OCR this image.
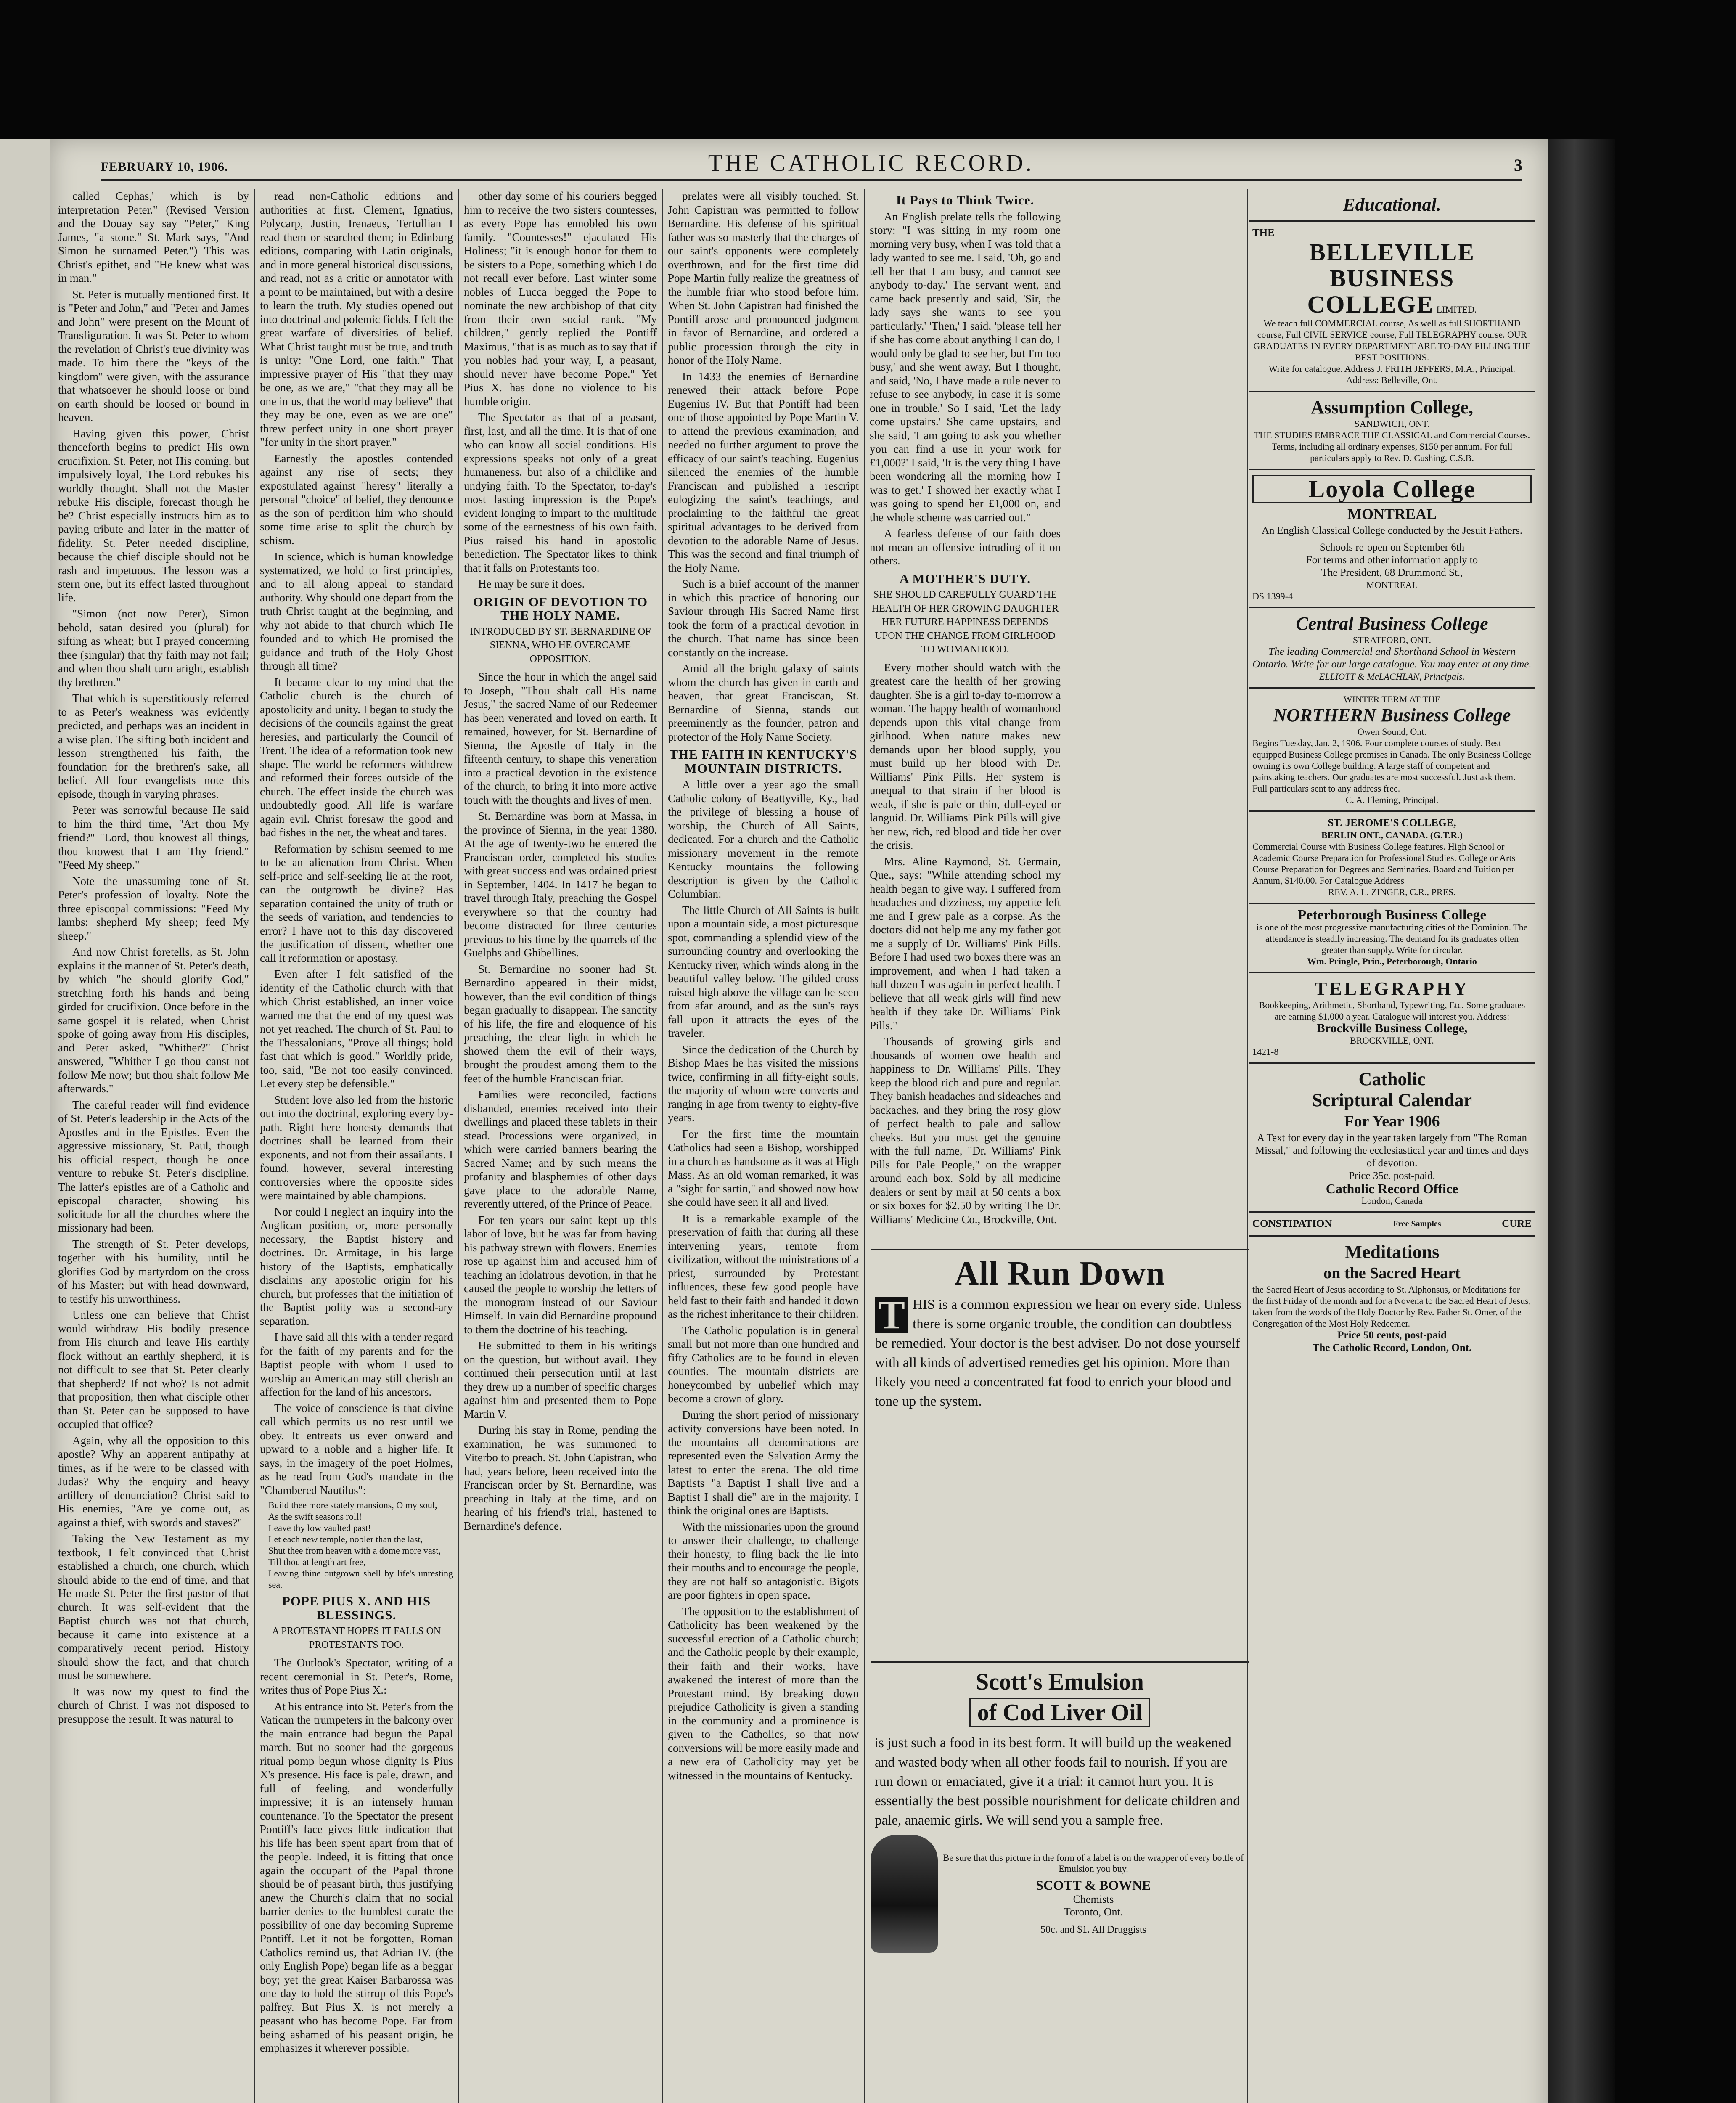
FEBRUARY 10, 1906.	THE CATHOLIC RECORD.	3

called Cephas,' which is by interpretation Peter." (Revised Version and the Douay say say "Peter," King James, "a stone." St. Mark says, "And Simon he surnamed Peter.") This was Christ's epithet, and "He knew what was in man."

St. Peter is mutually mentioned first. It is "Peter and John," and "Peter and James and John" were present on the Mount of Transfiguration. It was St. Peter to whom the revelation of Christ's true divinity was made. To him there the "keys of the kingdom" were given, with the assurance that whatsoever he should loose or bind on earth should be loosed or bound in heaven.

Having given this power, Christ thenceforth begins to predict His own crucifixion. St. Peter, not His coming, but impulsively loyal, The Lord rebukes his worldly thought. Shall not the Master rebuke His disciple, forecast though he be? Christ especially instructs him as to paying tribute and later in the matter of fidelity. St. Peter needed discipline, because the chief disciple should not be rash and impetuous. The lesson was a stern one, but its effect lasted throughout life.

"Simon (not now Peter), Simon behold, satan desired you (plural) for sifting as wheat; but I prayed concerning thee (singular) that thy faith may not fail; and when thou shalt turn aright, establish thy brethren."

That which is superstitiously referred to as Peter's weakness was evidently predicted, and perhaps was an incident in a wise plan. The sifting both incident and lesson strengthened his faith, the foundation for the brethren's sake, all belief. All four evangelists note this episode, though in varying phrases.

Peter was sorrowful because He said to him the third time, "Art thou My friend?" "Lord, thou knowest all things, thou knowest that I am Thy friend." "Feed My sheep."

Note the unassuming tone of St. Peter's profession of loyalty. Note the three episcopal commissions: "Feed My lambs; shepherd My sheep; feed My sheep."

And now Christ foretells, as St. John explains it the manner of St. Peter's death, by which "he should glorify God," stretching forth his hands and being girded for crucifixion. Once before in the same gospel it is related, when Christ spoke of going away from His disciples, and Peter asked, "Whither?" Christ answered, "Whither I go thou canst not follow Me now; but thou shalt follow Me afterwards."

The careful reader will find evidence of St. Peter's leadership in the Acts of the Apostles and in the Epistles. Even the aggressive missionary, St. Paul, though his official respect, though he once venture to rebuke St. Peter's discipline. The latter's epistles are of a Catholic and episcopal character, showing his solicitude for all the churches where the missionary had been.

The strength of St. Peter develops, together with his humility, until he glorifies God by martyrdom on the cross of his Master; but with head downward, to testify his unworthiness.

Unless one can believe that Christ would withdraw His bodily presence from His church and leave His earthly flock without an earthly shepherd, it is not difficult to see that St. Peter clearly that shepherd? If not who? Is not admit that proposition, then what disciple other than St. Peter can be supposed to have occupied that office?

Again, why all the opposition to this apostle? Why an apparent antipathy at times, as if he were to be classed with Judas? Why the enquiry and heavy artillery of denunciation? Christ said to His enemies, "Are ye come out, as against a thief, with swords and staves?"

Taking the New Testament as my textbook, I felt convinced that Christ established a church, one church, which should abide to the end of time, and that He made St. Peter the first pastor of that church. It was self-evident that the Baptist church was not that church, because it came into existence at a comparatively recent period. History should show the fact, and that church must be somewhere.

It was now my quest to find the church of Christ. I was not disposed to presuppose the result. It was natural to

read non-Catholic editions and authorities at first. Clement, Ignatius, Polycarp, Justin, Irenaeus, Tertullian I read them or searched them; in Edinburg editions, comparing with Latin originals, and in more general historical discussions, and read, not as a critic or annotator with a point to be maintained, but with a desire to learn the truth. My studies opened out into doctrinal and polemic fields. I felt the great warfare of diversities of belief. What Christ taught must be true, and truth is unity: "One Lord, one faith." That impressive prayer of His "that they may be one, as we are," "that they may all be one in us, that the world may believe" that they may be one, even as we are one" threw perfect unity in one short prayer "for unity in the short prayer."

Earnestly the apostles contended against any rise of sects; they expostulated against "heresy" literally a personal "choice" of belief, they denounce as the son of perdition him who should some time arise to split the church by schism.

In science, which is human knowledge systematized, we hold to first principles, and to all along appeal to standard authority. Why should one depart from the truth Christ taught at the beginning, and why not abide to that church which He founded and to which He promised the guidance and truth of the Holy Ghost through all time?

It became clear to my mind that the Catholic church is the church of apostolicity and unity. I began to study the decisions of the councils against the great heresies, and particularly the Council of Trent. The idea of a reformation took new shape. The world be reformers withdrew and reformed their forces outside of the church. The effect inside the church was undoubtedly good. All life is warfare again evil. Christ foresaw the good and bad fishes in the net, the wheat and tares.

Reformation by schism seemed to me to be an alienation from Christ. When self-price and self-seeking lie at the root, can the outgrowth be divine? Has separation contained the unity of truth or the seeds of variation, and tendencies to error? I have not to this day discovered the justification of dissent, whether one call it reformation or apostasy.

Even after I felt satisfied of the identity of the Catholic church with that which Christ established, an inner voice warned me that the end of my quest was not yet reached. The church of St. Paul to the Thessalonians, "Prove all things; hold fast that which is good." Worldly pride, too, said, "Be not too easily convinced. Let every step be defensible."

Student love also led from the historic out into the doctrinal, exploring every by-path. Right here honesty demands that doctrines shall be learned from their exponents, and not from their assailants. I found, however, several interesting controversies where the opposite sides were maintained by able champions.

Nor could I neglect an inquiry into the Anglican position, or, more personally necessary, the Baptist history and doctrines. Dr. Armitage, in his large history of the Baptists, emphatically disclaims any apostolic origin for his church, but professes that the initiation of the Baptist polity was a second-ary separation.

I have said all this with a tender regard for the faith of my parents and for the Baptist people with whom I used to worship an American may still cherish an affection for the land of his ancestors.

The voice of conscience is that divine call which permits us no rest until we obey. It entreats us ever onward and upward to a noble and a higher life. It says, in the imagery of the poet Holmes, as he read from God's mandate in the "Chambered Nautilus":

Build thee more stately mansions, O my soul,
As the swift seasons roll!
Leave thy low vaulted past!
Let each new temple, nobler than the last,
Shut thee from heaven with a dome more vast,
Till thou at length art free,
Leaving thine outgrown shell by life's unresting sea.

POPE PIUS X. AND HIS BLESSINGS.
A PROTESTANT HOPES IT FALLS ON PROTESTANTS TOO.

The Outlook's Spectator, writing of a recent ceremonial in St. Peter's, Rome, writes thus of Pope Pius X.:

At his entrance into St. Peter's from the Vatican the trumpeters in the balcony over the main entrance had begun the Papal march. But no sooner had the gorgeous ritual pomp begun whose dignity is Pius X's presence. His face is pale, drawn, and full of feeling, and wonderfully impressive; it is an intensely human countenance. To the Spectator the present Pontiff's face gives little indication that his life has been spent apart from that of the people. Indeed, it is fitting that once again the occupant of the Papal throne should be of peasant birth, thus justifying anew the Church's claim that no social barrier denies to the humblest curate the possibility of one day becoming Supreme Pontiff. Let it not be forgotten, Roman Catholics remind us, that Adrian IV. (the only English Pope) began life as a beggar boy; yet the great Kaiser Barbarossa was one day to hold the stirrup of this Pope's palfrey. But Pius X. is not merely a peasant who has become Pope. Far from being ashamed of his peasant origin, he emphasizes it wherever possible.

other day some of his couriers begged him to receive the two sisters countesses, as every Pope has ennobled his own family. "Countesses!" ejaculated His Holiness; "it is enough honor for them to be sisters to a Pope, something which I do not recall ever before. Last winter some nobles of Lucca begged the Pope to nominate the new archbishop of that city from their own social rank. "My children," gently replied the Pontiff Maximus, "that is as much as to say that if you nobles had your way, I, a peasant, should never have become Pope." Yet Pius X. has done no violence to his humble origin.

The Spectator as that of a peasant, first, last, and all the time. It is that of one who can know all social conditions. His expressions speaks not only of a great humaneness, but also of a childlike and undying faith. To the Spectator, to-day's most lasting impression is the Pope's evident longing to impart to the multitude some of the earnestness of his own faith. Pius raised his hand in apostolic benediction. The Spectator likes to think that it falls on Protestants too.

He may be sure it does.

ORIGIN OF DEVOTION TO THE HOLY NAME.
INTRODUCED BY ST. BERNARDINE OF SIENNA, WHO HE OVERCAME OPPOSITION.

Since the hour in which the angel said to Joseph, "Thou shalt call His name Jesus," the sacred Name of our Redeemer has been venerated and loved on earth. It remained, however, for St. Bernardine of Sienna, the Apostle of Italy in the fifteenth century, to shape this veneration into a practical devotion in the existence of the church, to bring it into more active touch with the thoughts and lives of men.

St. Bernardine was born at Massa, in the province of Sienna, in the year 1380. At the age of twenty-two he entered the Franciscan order, completed his studies with great success and was ordained priest in September, 1404. In 1417 he began to travel through Italy, preaching the Gospel everywhere so that the country had become distracted for three centuries previous to his time by the quarrels of the Guelphs and Ghibellines.

St. Bernardine no sooner had St. Bernardino appeared in their midst, however, than the evil condition of things began gradually to disappear. The sanctity of his life, the fire and eloquence of his preaching, the clear light in which he showed them the evil of their ways, brought the proudest among them to the feet of the humble Franciscan friar.

Families were reconciled, factions disbanded, enemies received into their dwellings and placed these tablets in their stead. Processions were organized, in which were carried banners bearing the Sacred Name; and by such means the profanity and blasphemies of other days gave place to the adorable Name, reverently uttered, of the Prince of Peace.

For ten years our saint kept up this labor of love, but he was far from having his pathway strewn with flowers. Enemies rose up against him and accused him of teaching an idolatrous devotion, in that he caused the people to worship the letters of the monogram instead of our Saviour Himself. In vain did Bernardine propound to them the doctrine of his teaching.

He submitted to them in his writings on the question, but without avail. They continued their persecution until at last they drew up a number of specific charges against him and presented them to Pope Martin V.

During his stay in Rome, pending the examination, he was summoned to Viterbo to preach. St. John Capistran, who had, years before, been received into the Franciscan order by St. Bernardine, was preaching in Italy at the time, and on hearing of his friend's trial, hastened to Bernardine's defence.

prelates were all visibly touched. St. John Capistran was permitted to follow Bernardine. His defense of his spiritual father was so masterly that the charges of our saint's opponents were completely overthrown, and for the first time did Pope Martin fully realize the greatness of the humble friar who stood before him. When St. John Capistran had finished the Pontiff arose and pronounced judgment in favor of Bernardine, and ordered a public procession through the city in honor of the Holy Name.

In 1433 the enemies of Bernardine renewed their attack before Pope Eugenius IV. But that Pontiff had been one of those appointed by Pope Martin V. to attend the previous examination, and needed no further argument to prove the efficacy of our saint's teaching. Eugenius silenced the enemies of the humble Franciscan and published a rescript eulogizing the saint's teachings, and proclaiming to the faithful the great spiritual advantages to be derived from devotion to the adorable Name of Jesus. This was the second and final triumph of the Holy Name.

Such is a brief account of the manner in which this practice of honoring our Saviour through His Sacred Name first took the form of a practical devotion in the church. That name has since been constantly on the increase.

Amid all the bright galaxy of saints whom the church has given in earth and heaven, that great Franciscan, St. Bernardine of Sienna, stands out preeminently as the founder, patron and protector of the Holy Name Society.

THE FAITH IN KENTUCKY'S MOUNTAIN DISTRICTS.

A little over a year ago the small Catholic colony of Beattyville, Ky., had the privilege of blessing a house of worship, the Church of All Saints, dedicated. For a church and the Catholic missionary movement in the remote Kentucky mountains the following description is given by the Catholic Columbian:

The little Church of All Saints is built upon a mountain side, a most picturesque spot, commanding a splendid view of the surrounding country and overlooking the Kentucky river, which winds along in the beautiful valley below. The gilded cross raised high above the village can be seen from afar around, and as the sun's rays fall upon it attracts the eyes of the traveler.

Since the dedication of the Church by Bishop Maes he has visited the missions twice, confirming in all fifty-eight souls, the majority of whom were converts and ranging in age from twenty to eighty-five years.

For the first time the mountain Catholics had seen a Bishop, worshipped in a church as handsome as it was at High Mass. As an old woman remarked, it was a "sight for sartin," and showed now how she could have seen it all and lived.

It is a remarkable example of the preservation of faith that during all these intervening years, remote from civilization, without the ministrations of a priest, surrounded by Protestant influences, these few good people have held fast to their faith and handed it down as the richest inheritance to their children.

The Catholic population is in general small but not more than one hundred and fifty Catholics are to be found in eleven counties. The mountain districts are honeycombed by unbelief which may become a crown of glory.

During the short period of missionary activity conversions have been noted. In the mountains all denominations are represented even the Salvation Army the latest to enter the arena. The old time Baptists "a Baptist I shall live and a Baptist I shall die" are in the majority. I think the original ones are Baptists.

With the missionaries upon the ground to answer their challenge, to challenge their honesty, to fling back the lie into their mouths and to encourage the people, they are not half so antagonistic. Bigots are poor fighters in open space.

The opposition to the establishment of Catholicity has been weakened by the successful erection of a Catholic church; and the Catholic people by their example, their faith and their works, have awakened the interest of more than the Protestant mind. By breaking down prejudice Catholicity is given a standing in the community and a prominence is given to the Catholics, so that now conversions will be more easily made and a new era of Catholicity may yet be witnessed in the mountains of Kentucky.

It Pays to Think Twice.

An English prelate tells the following story: "I was sitting in my room one morning very busy, when I was told that a lady wanted to see me. I said, 'Oh, go and tell her that I am busy, and cannot see anybody to-day.' The servant went, and came back presently and said, 'Sir, the lady says she wants to see you particularly.' 'Then,' I said, 'please tell her if she has come about anything I can do, I would only be glad to see her, but I'm too busy,' and she went away. But I thought, and said, 'No, I have made a rule never to refuse to see anybody, in case it is some one in trouble.' So I said, 'Let the lady come upstairs.' She came upstairs, and she said, 'I am going to ask you whether you can find a use in your work for £1,000?' I said, 'It is the very thing I have been wondering all the morning how I was to get.' I showed her exactly what I was going to spend her £1,000 on, and the whole scheme was carried out."

A fearless defense of our faith does not mean an offensive intruding of it on others.

A MOTHER'S DUTY.
SHE SHOULD CAREFULLY GUARD THE HEALTH OF HER GROWING DAUGHTER HER FUTURE HAPPINESS DEPENDS UPON THE CHANGE FROM GIRLHOOD TO WOMANHOOD.

Every mother should watch with the greatest care the health of her growing daughter. She is a girl to-day to-morrow a woman. The happy health of womanhood depends upon this vital change from girlhood. When nature makes new demands upon her blood supply, you must build up her blood with Dr. Williams' Pink Pills. Her system is unequal to that strain if her blood is weak, if she is pale or thin, dull-eyed or languid. Dr. Williams' Pink Pills will give her new, rich, red blood and tide her over the crisis.

Mrs. Aline Raymond, St. Germain, Que., says: "While attending school my health began to give way. I suffered from headaches and dizziness, my appetite left me and I grew pale as a corpse. As the doctors did not help me any my father got me a supply of Dr. Williams' Pink Pills. Before I had used two boxes there was an improvement, and when I had taken a half dozen I was again in perfect health. I believe that all weak girls will find new health if they take Dr. Williams' Pink Pills."

Thousands of growing girls and thousands of women owe health and happiness to Dr. Williams' Pills. They keep the blood rich and pure and regular. They banish headaches and sideaches and backaches, and they bring the rosy glow of perfect health to pale and sallow cheeks. But you must get the genuine with the full name, "Dr. Williams' Pink Pills for Pale People," on the wrapper around each box. Sold by all medicine dealers or sent by mail at 50 cents a box or six boxes for $2.50 by writing The Dr. Williams' Medicine Co., Brockville, Ont.

All Run Down

T HIS is a common expression we hear on every side. Unless there is some organic trouble, the condition can doubtless be remedied. Your doctor is the best adviser. Do not dose yourself with all kinds of advertised remedies get his opinion. More than likely you need a concentrated fat food to enrich your blood and tone up the system.

Scott's Emulsion
of Cod Liver Oil

is just such a food in its best form. It will build up the weakened and wasted body when all other foods fail to nourish. If you are run down or emaciated, give it a trial: it cannot hurt you. It is essentially the best possible nourishment for delicate children and pale, anaemic girls. We will send you a sample free.

Be sure that this picture in the form of a label is on the wrapper of every bottle of Emulsion you buy.
SCOTT & BOWNE
Chemists
Toronto, Ont.
50c. and $1. All Druggists
Educational.
THE
BELLEVILLE
BUSINESS
COLLEGE LIMITED.
We teach full COMMERCIAL course, As well as full SHORTHAND course, Full CIVIL SERVICE course, Full TELEGRAPHY course. OUR GRADUATES IN EVERY DEPARTMENT ARE TO-DAY FILLING THE BEST POSITIONS.
Write for catalogue. Address J. FRITH JEFFERS, M.A., Principal. Address: Belleville, Ont.
Assumption College,
SANDWICH, ONT.
THE STUDIES EMBRACE THE CLASSICAL and Commercial Courses. Terms, including all ordinary expenses, $150 per annum. For full particulars apply to Rev. D. Cushing, C.S.B.
Loyola College
MONTREAL
An English Classical College conducted by the Jesuit Fathers.
Schools re-open on September 6th
For terms and other information apply to
The President, 68 Drummond St.,
MONTREAL
DS 1399-4
Central Business College
STRATFORD, ONT.
The leading Commercial and Shorthand School in Western Ontario. Write for our large catalogue. You may enter at any time.
ELLIOTT & McLACHLAN, Principals.
WINTER TERM AT THE
NORTHERN Business College
Owen Sound, Ont.
Begins Tuesday, Jan. 2, 1906. Four complete courses of study. Best equipped Business College premises in Canada. The only Business College owning its own College building. A large staff of competent and painstaking teachers. Our graduates are most successful. Just ask them. Full particulars sent to any address free.
C. A. Fleming, Principal.
ST. JEROME'S COLLEGE,
BERLIN ONT., CANADA. (G.T.R.)
Commercial Course with Business College features. High School or Academic Course Preparation for Professional Studies. College or Arts Course Preparation for Degrees and Seminaries. Board and Tuition per Annum, $140.00. For Catalogue Address
REV. A. L. ZINGER, C.R., PRES.
Peterborough Business College
is one of the most progressive manufacturing cities of the Dominion. The attendance is steadily increasing. The demand for its graduates often greater than supply. Write for circular.
Wm. Pringle, Prin., Peterborough, Ontario
TELEGRAPHY
Bookkeeping, Arithmetic, Shorthand, Typewriting, Etc. Some graduates are earning $1,000 a year. Catalogue will interest you. Address:
Brockville Business College,
BROCKVILLE, ONT.
1421-8
Catholic
Scriptural Calendar
For Year 1906
A Text for every day in the year taken largely from "The Roman Missal," and following the ecclesiastical year and times and days of devotion.
Price 35c. post-paid.
Catholic Record Office
London, Canada
CONSTIPATION	Free Samples	CURE
Meditations
on the Sacred Heart
the Sacred Heart of Jesus according to St. Alphonsus, or Meditations for the first Friday of the month and for a Novena to the Sacred Heart of Jesus, taken from the words of the Holy Doctor by Rev. Father St. Omer, of the Congregation of the Most Holy Redeemer.
Price 50 cents, post-paid
The Catholic Record, London, Ont.
